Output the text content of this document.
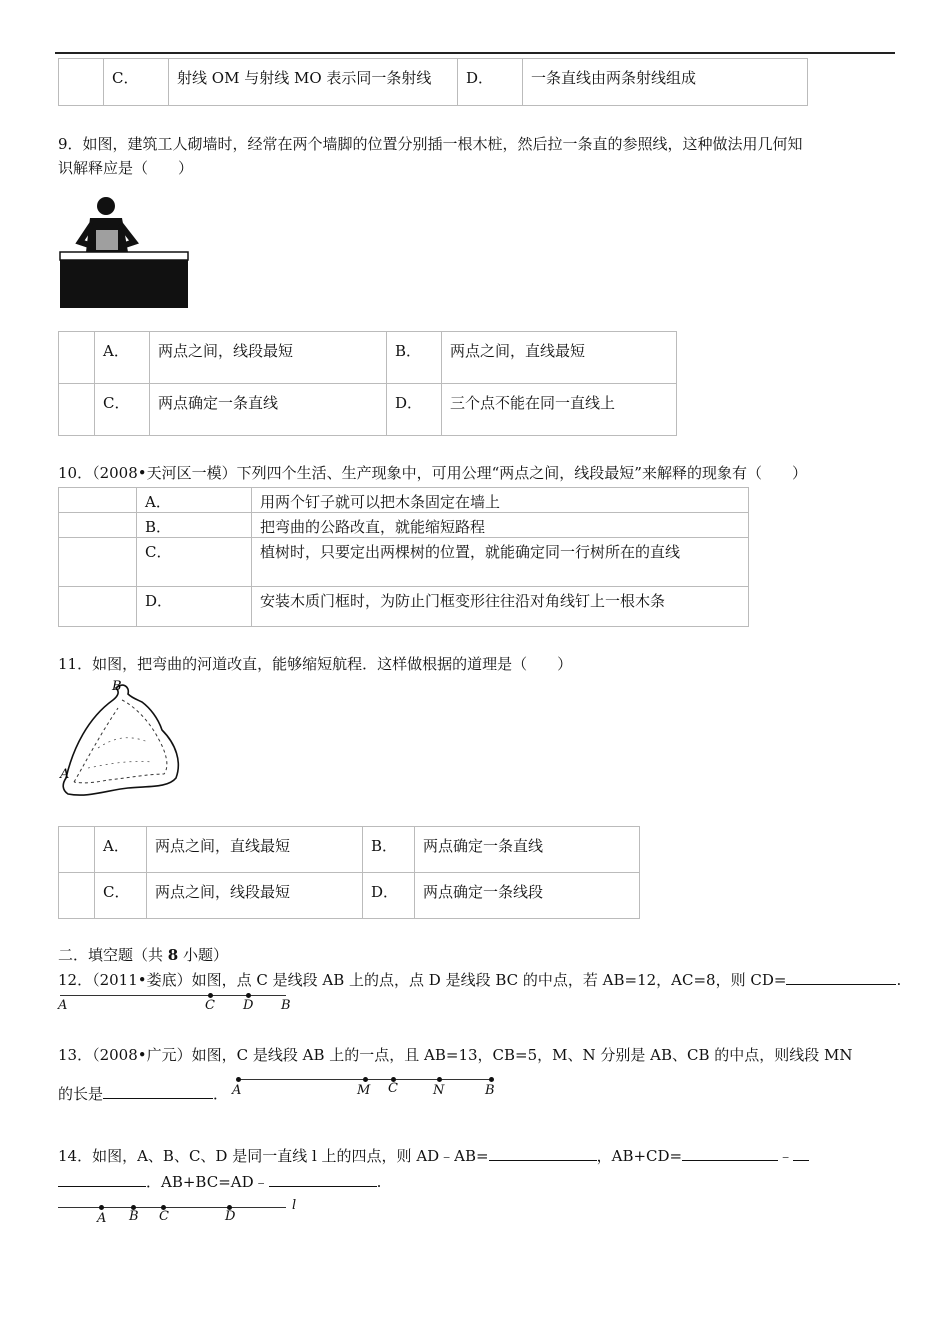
	C．	射线 OM 与射线 MO 表示同一条射线	D．	一条直线由两条射线组成
9．如图，建筑工人砌墙时，经常在两个墙脚的位置分别插一根木桩，然后拉一条直的参照线，这种做法用几何知
识解释应是（　　）
	A．	两点之间，线段最短	B．	两点之间，直线最短
	C．	两点确定一条直线	D．	三个点不能在同一直线上
10．（2008•天河区一模）下列四个生活、生产现象中，可用公理“两点之间，线段最短”来解释的现象有（　　）
	A．	用两个钉子就可以把木条固定在墙上
	B．	把弯曲的公路改直，就能缩短路程
	C．	植树时，只要定出两棵树的位置，就能确定同一行树所在的直线
	D．	安装木质门框时，为防止门框变形往往沿对角线钉上一根木条
11．如图，把弯曲的河道改直，能够缩短航程．这样做根据的道理是（　　）
B
A
	A．	两点之间，直线最短	B．	两点确定一条直线
	C．	两点之间，线段最短	D．	两点确定一条线段
二．填空题（共 8 小题）
12．（2011•娄底）如图，点 C 是线段 AB 上的点，点 D 是线段 BC 的中点，若 AB=12，AC=8，则 CD=	.
A	C D B
13．（2008•广元）如图，C 是线段 AB 上的一点，且 AB=13，CB=5，M、N 分别是 AB、CB 的中点，则线段 MN
的长是	． A	M C	N	B
14．如图，A、B、C、D 是同一直线 l 上的四点，则 AD﹣AB=	，AB+CD=	﹣
．AB+BC=AD﹣	.
A B C	D
l
